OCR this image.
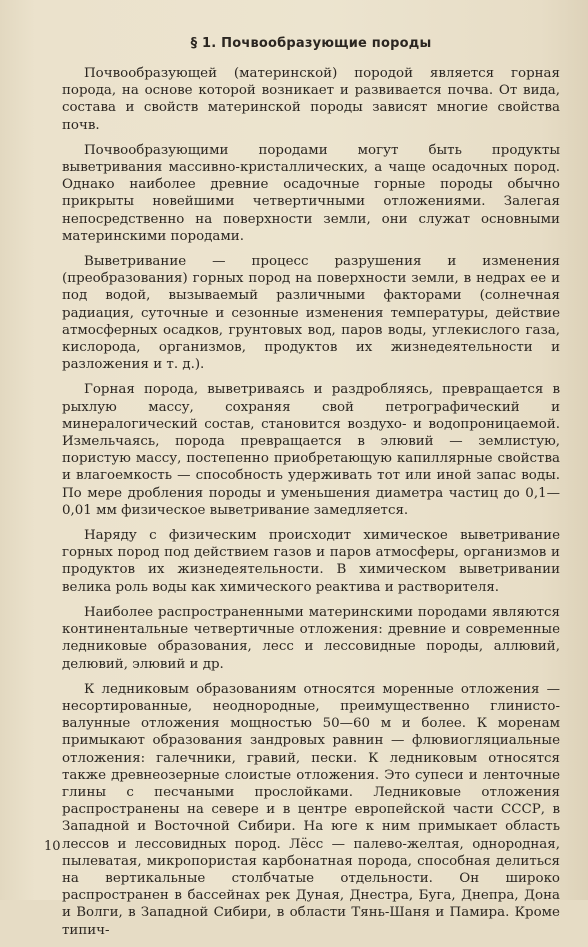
§ 1. Почвообразующие породы

Почвообразующей (материнской) породой является горная порода, на основе которой возникает и развивается почва. От вида, состава и свойств материнской породы зависят многие свойства почв.

Почвообразующими породами могут быть продукты выветривания массивно-кристаллических, а чаще осадочных пород. Однако наиболее древние осадочные горные породы обычно прикрыты новейшими четвертичными отложениями. Залегая непосредственно на поверхности земли, они служат основными материнскими породами.

Выветривание — процесс разрушения и изменения (преобразования) горных пород на поверхности земли, в недрах ее и под водой, вызываемый различными факторами (солнечная радиация, суточные и сезонные изменения температуры, действие атмосферных осадков, грунтовых вод, паров воды, углекислого газа, кислорода, организмов, продуктов их жизнедеятельности и разложения и т. д.).

Горная порода, выветриваясь и раздробляясь, превращается в рыхлую массу, сохраняя свой петрографический и минералогический состав, становится воздухо- и водопроницаемой. Измельчаясь, порода превращается в элювий — землистую, пористую массу, постепенно приобретающую капиллярные свойства и влагоемкость — способность удерживать тот или иной запас воды. По мере дробления породы и уменьшения диаметра частиц до 0,1—0,01 мм физическое выветривание замедляется.

Наряду с физическим происходит химическое выветривание горных пород под действием газов и паров атмосферы, организмов и продуктов их жизнедеятельности. В химическом выветривании велика роль воды как химического реактива и растворителя.

Наиболее распространенными материнскими породами являются континентальные четвертичные отложения: древние и современные ледниковые образования, лесс и лессовидные породы, аллювий, делювий, элювий и др.

К ледниковым образованиям относятся моренные отложения — несортированные, неоднородные, преимущественно глинисто-валунные отложения мощностью 50—60 м и более. К моренам примыкают образования зандровых равнин — флювиогляциальные отложения: галечники, гравий, пески. К ледниковым относятся также древнеозерные слоистые отложения. Это супеси и ленточные глины с песчаными прослойками. Ледниковые отложения распространены на севере и в центре европейской части СССР, в Западной и Восточной Сибири. На юге к ним примыкает область лессов и лессовидных пород. Лёсс — палево-желтая, однородная, пылеватая, микропористая карбонатная порода, способная делиться на вертикальные столбчатые отдельности. Он широко распространен в бассейнах рек Дуная, Днестра, Буга, Днепра, Дона и Волги, в Западной Сибири, в области Тянь-Шаня и Памира. Кроме типич-

10
